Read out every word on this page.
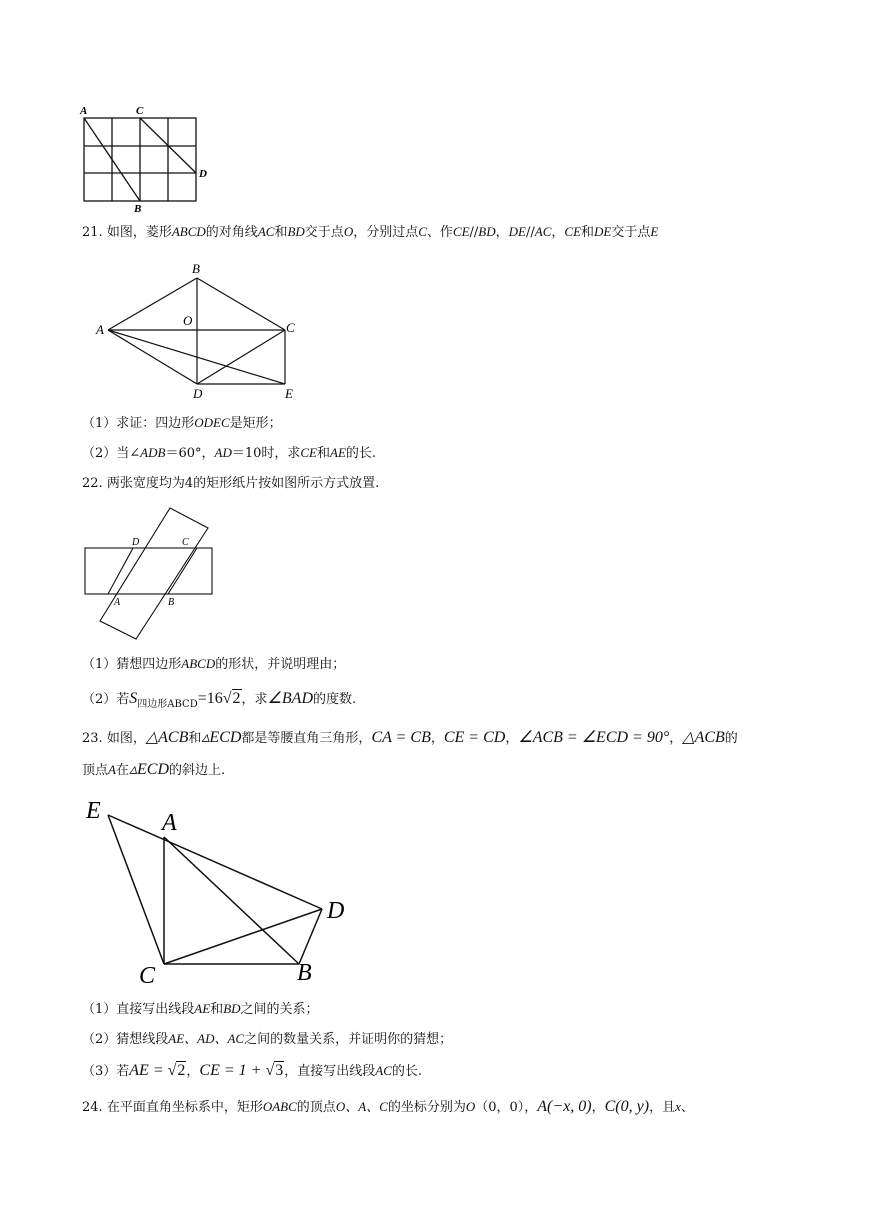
A	C
D
B
21. 如图，菱形ABCD的对角线AC和BD交于点O，分别过点C、作CE//BD，DE//AC，CE和DE交于点E
B
A
O	C
D	E
（1）求证：四边形ODEC是矩形；
（2）当∠ADB＝60°，AD＝10时，求CE和AE的长.
22. 两张宽度均为4的矩形纸片按如图所示方式放置.
D	C
A	B
（1）猜想四边形ABCD的形状，并说明理由；
（2）若$S_{四边形ABCD}=16√2$，求∠BAD的度数.
23. 如图，△ACB和▵ECD都是等腰直角三角形，CA = CB，CE = CD，∠ACB = ∠ECD = 90°，△ACB的
顶点A在▵ECD的斜边上.
E	A
D
C	B
（1）直接写出线段AE和BD之间的关系；
（2）猜想线段AE、AD、AC之间的数量关系，并证明你的猜想；
（3）若AE = √2，CE = 1 + √3，直接写出线段AC的长.
24. 在平面直角坐标系中，矩形OABC的顶点O、A、C的坐标分别为O（0，0），A(−x, 0)，C(0, y)，且x、
